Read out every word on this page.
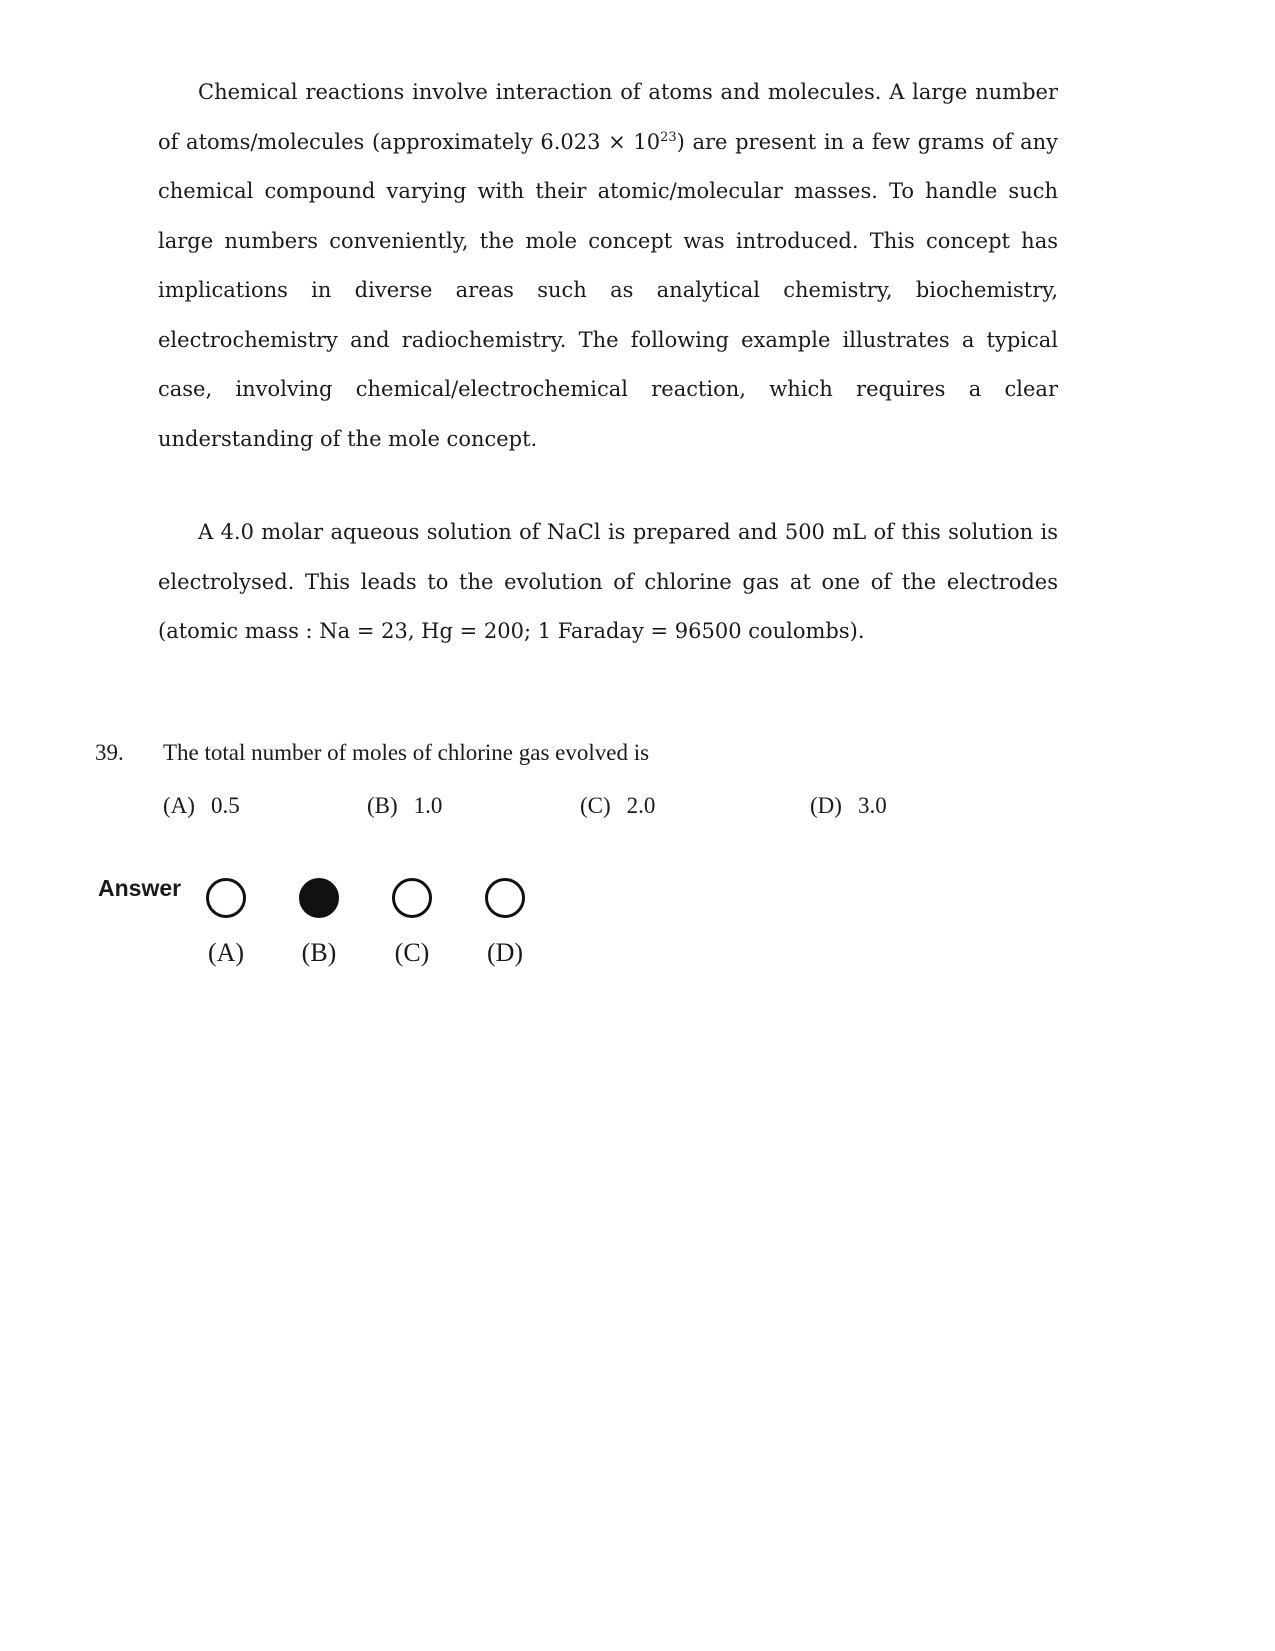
Chemical reactions involve interaction of atoms and molecules. A large number of atoms/molecules (approximately $6.023 \times 10^{23}$) are present in a few grams of any chemical compound varying with their atomic/molecular masses. To handle such large numbers conveniently, the mole concept was introduced. This concept has implications in diverse areas such as analytical chemistry, biochemistry, electrochemistry and radiochemistry. The following example illustrates a typical case, involving chemical/electrochemical reaction, which requires a clear understanding of the mole concept.

A 4.0 molar aqueous solution of NaCl is prepared and 500 mL of this solution is electrolysed. This leads to the evolution of chlorine gas at one of the electrodes (atomic mass : Na = 23, Hg = 200; 1 Faraday = 96500 coulombs).

39. The total number of moles of chlorine gas evolved is
(A) 0.5	(B) 1.0	(C) 2.0	(D) 3.0
Answer
(A)	(B)	(C)	(D)
